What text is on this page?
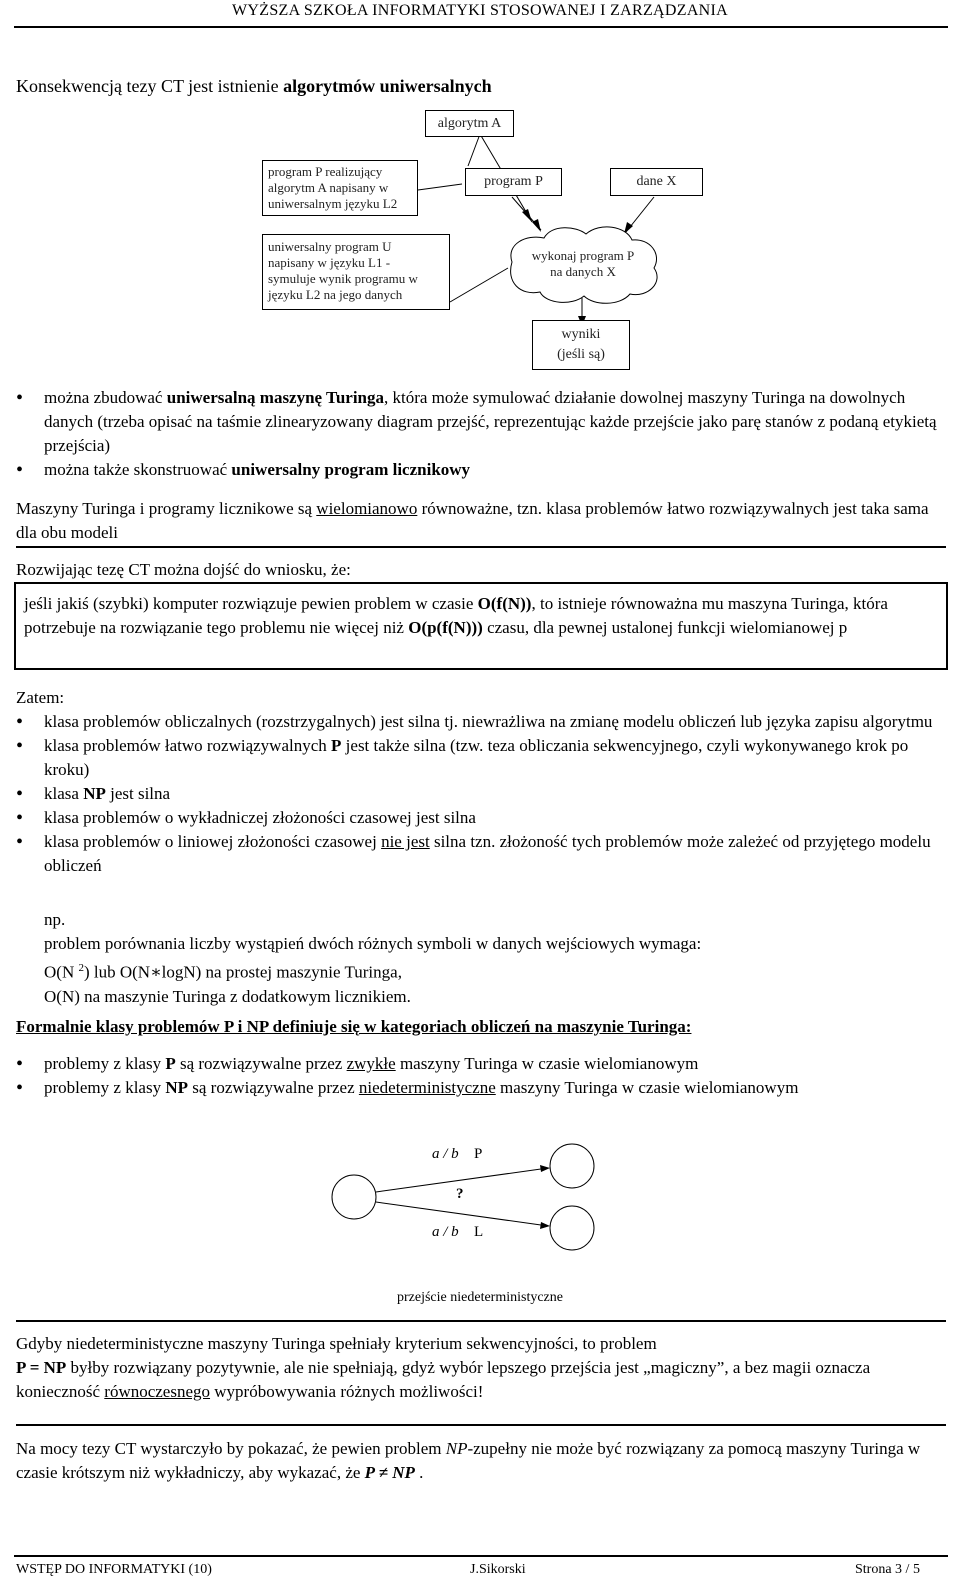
WYŻSZA SZKOŁA INFORMATYKI STOSOWANEJ I ZARZĄDZANIA
Konsekwencją tezy CT jest istnienie algorytmów uniwersalnych
algorytm A
program P	dane X
program P realizujący
algorytm A napisany w
uniwersalnym języku L2
uniwersalny program U
napisany w języku L1 -
symuluje wynik programu w
języku L2 na jego danych
wykonaj program P
na danych X
wyniki
(jeśli są)
• można zbudować uniwersalną maszynę Turinga, która może symulować działanie dowolnej maszyny Turinga na dowolnych danych (trzeba opisać na taśmie zlinearyzowany diagram przejść, reprezentując każde przejście jako parę stanów z podaną etykietą przejścia)
• można także skonstruować uniwersalny program licznikowy
Maszyny Turinga i programy licznikowe są wielomianowo równoważne, tzn. klasa problemów łatwo rozwiązywalnych jest taka sama dla obu modeli
Rozwijając tezę CT można dojść do wniosku, że:
jeśli jakiś (szybki) komputer rozwiązuje pewien problem w czasie O(f(N)), to istnieje równoważna mu maszyna Turinga, która potrzebuje na rozwiązanie tego problemu nie więcej niż O(p(f(N))) czasu, dla pewnej ustalonej funkcji wielomianowej p
Zatem:
• klasa problemów obliczalnych (rozstrzygalnych) jest silna tj. niewrażliwa na zmianę modelu obliczeń lub języka zapisu algorytmu
• klasa problemów łatwo rozwiązywalnych P jest także silna (tzw. teza obliczania sekwencyjnego, czyli wykonywanego krok po kroku)
• klasa NP jest silna
• klasa problemów o wykładniczej złożoności czasowej jest silna
• klasa problemów o liniowej złożoności czasowej nie jest silna tzn. złożoność tych problemów może zależeć od przyjętego modelu obliczeń
np.
problem porównania liczby wystąpień dwóch różnych symboli w danych wejściowych wymaga:
O(N $^2$) lub O(N∗logN) na prostej maszynie Turinga,
O(N) na maszynie Turinga z dodatkowym licznikiem.
Formalnie klasy problemów P i NP definiuje się w kategoriach obliczeń na maszynie Turinga:
• problemy z klasy P są rozwiązywalne przez zwykłe maszyny Turinga w czasie wielomianowym
• problemy z klasy NP są rozwiązywalne przez niedeterministyczne maszyny Turinga w czasie wielomianowym
a / b P
?
a / b L
przejście niedeterministyczne
Gdyby niedeterministyczne maszyny Turinga spełniały kryterium sekwencyjności, to problem
P = NP byłby rozwiązany pozytywnie, ale nie spełniają, gdyż wybór lepszego przejścia jest „magiczny”, a bez magii oznacza konieczność równoczesnego wypróbowywania różnych możliwości!
Na mocy tezy CT wystarczyło by pokazać, że pewien problem NP-zupełny nie może być rozwiązany za pomocą maszyny Turinga w czasie krótszym niż wykładniczy, aby wykazać, że P ≠ NP .
WSTĘP DO INFORMATYKI (10)	J.Sikorski	Strona 3 / 5
